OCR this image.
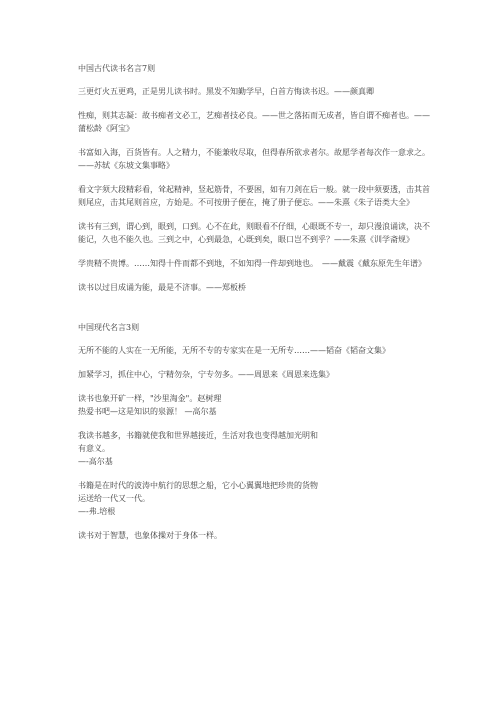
中国古代读书名言7则
三更灯火五更鸡，正是男儿读书时。黑发不知勤学早，白首方悔读书迟。——颜真卿
性痴，则其志凝：故书痴者文必工，艺痴者技必良。——世之落拓而无成者，皆自谓不痴者也。——蒲松龄《阿宝》
书富如入海，百货皆有。人之精力，不能兼收尽取，但得春所欲求者尔。故愿学者每次作一意求之。——苏轼《东坡文集事略》
看文字须大段精彩看，耸起精神，竖起筋骨，不要困，如有刀剑在后一般。就一段中须要透，击其首则尾应，击其尾则首应，方始是。不可按册子便在，掩了册子便忘。——朱熹《朱子语类大全》
读书有三到，谓心到，眼到，口到。心不在此，则眼看不仔细，心眼既不专一，却只漫浪诵读，决不能记，久也不能久也。三到之中，心到最急，心既到矣，眼口岂不到乎？——朱熹《训学斋规》
学贵精不贵博。……知得十件而都不到地，不如知得一件却到地也。　——戴震《戴东原先生年谱》
读书以过目成诵为能，最是不济事。——郑板桥
中国现代名言3则
无所不能的人实在一无所能，无所不专的专家实在是一无所专……——韬奋《韬奋文集》
加紧学习，抓住中心，宁精勿杂，宁专勿多。——周恩来《周恩来选集》
读书也象开矿一样，"沙里淘金"。赵树理
热爱书吧—这是知识的泉源！ —高尔基
我读书越多，书籍就使我和世界越接近，生活对我也变得越加光明和
有意义。
—-高尔基
书籍是在时代的波涛中航行的思想之船，它小心翼翼地把珍贵的货物
运送给一代又一代。
—-弗.培根
读书对于智慧，也象体操对于身体一样。
